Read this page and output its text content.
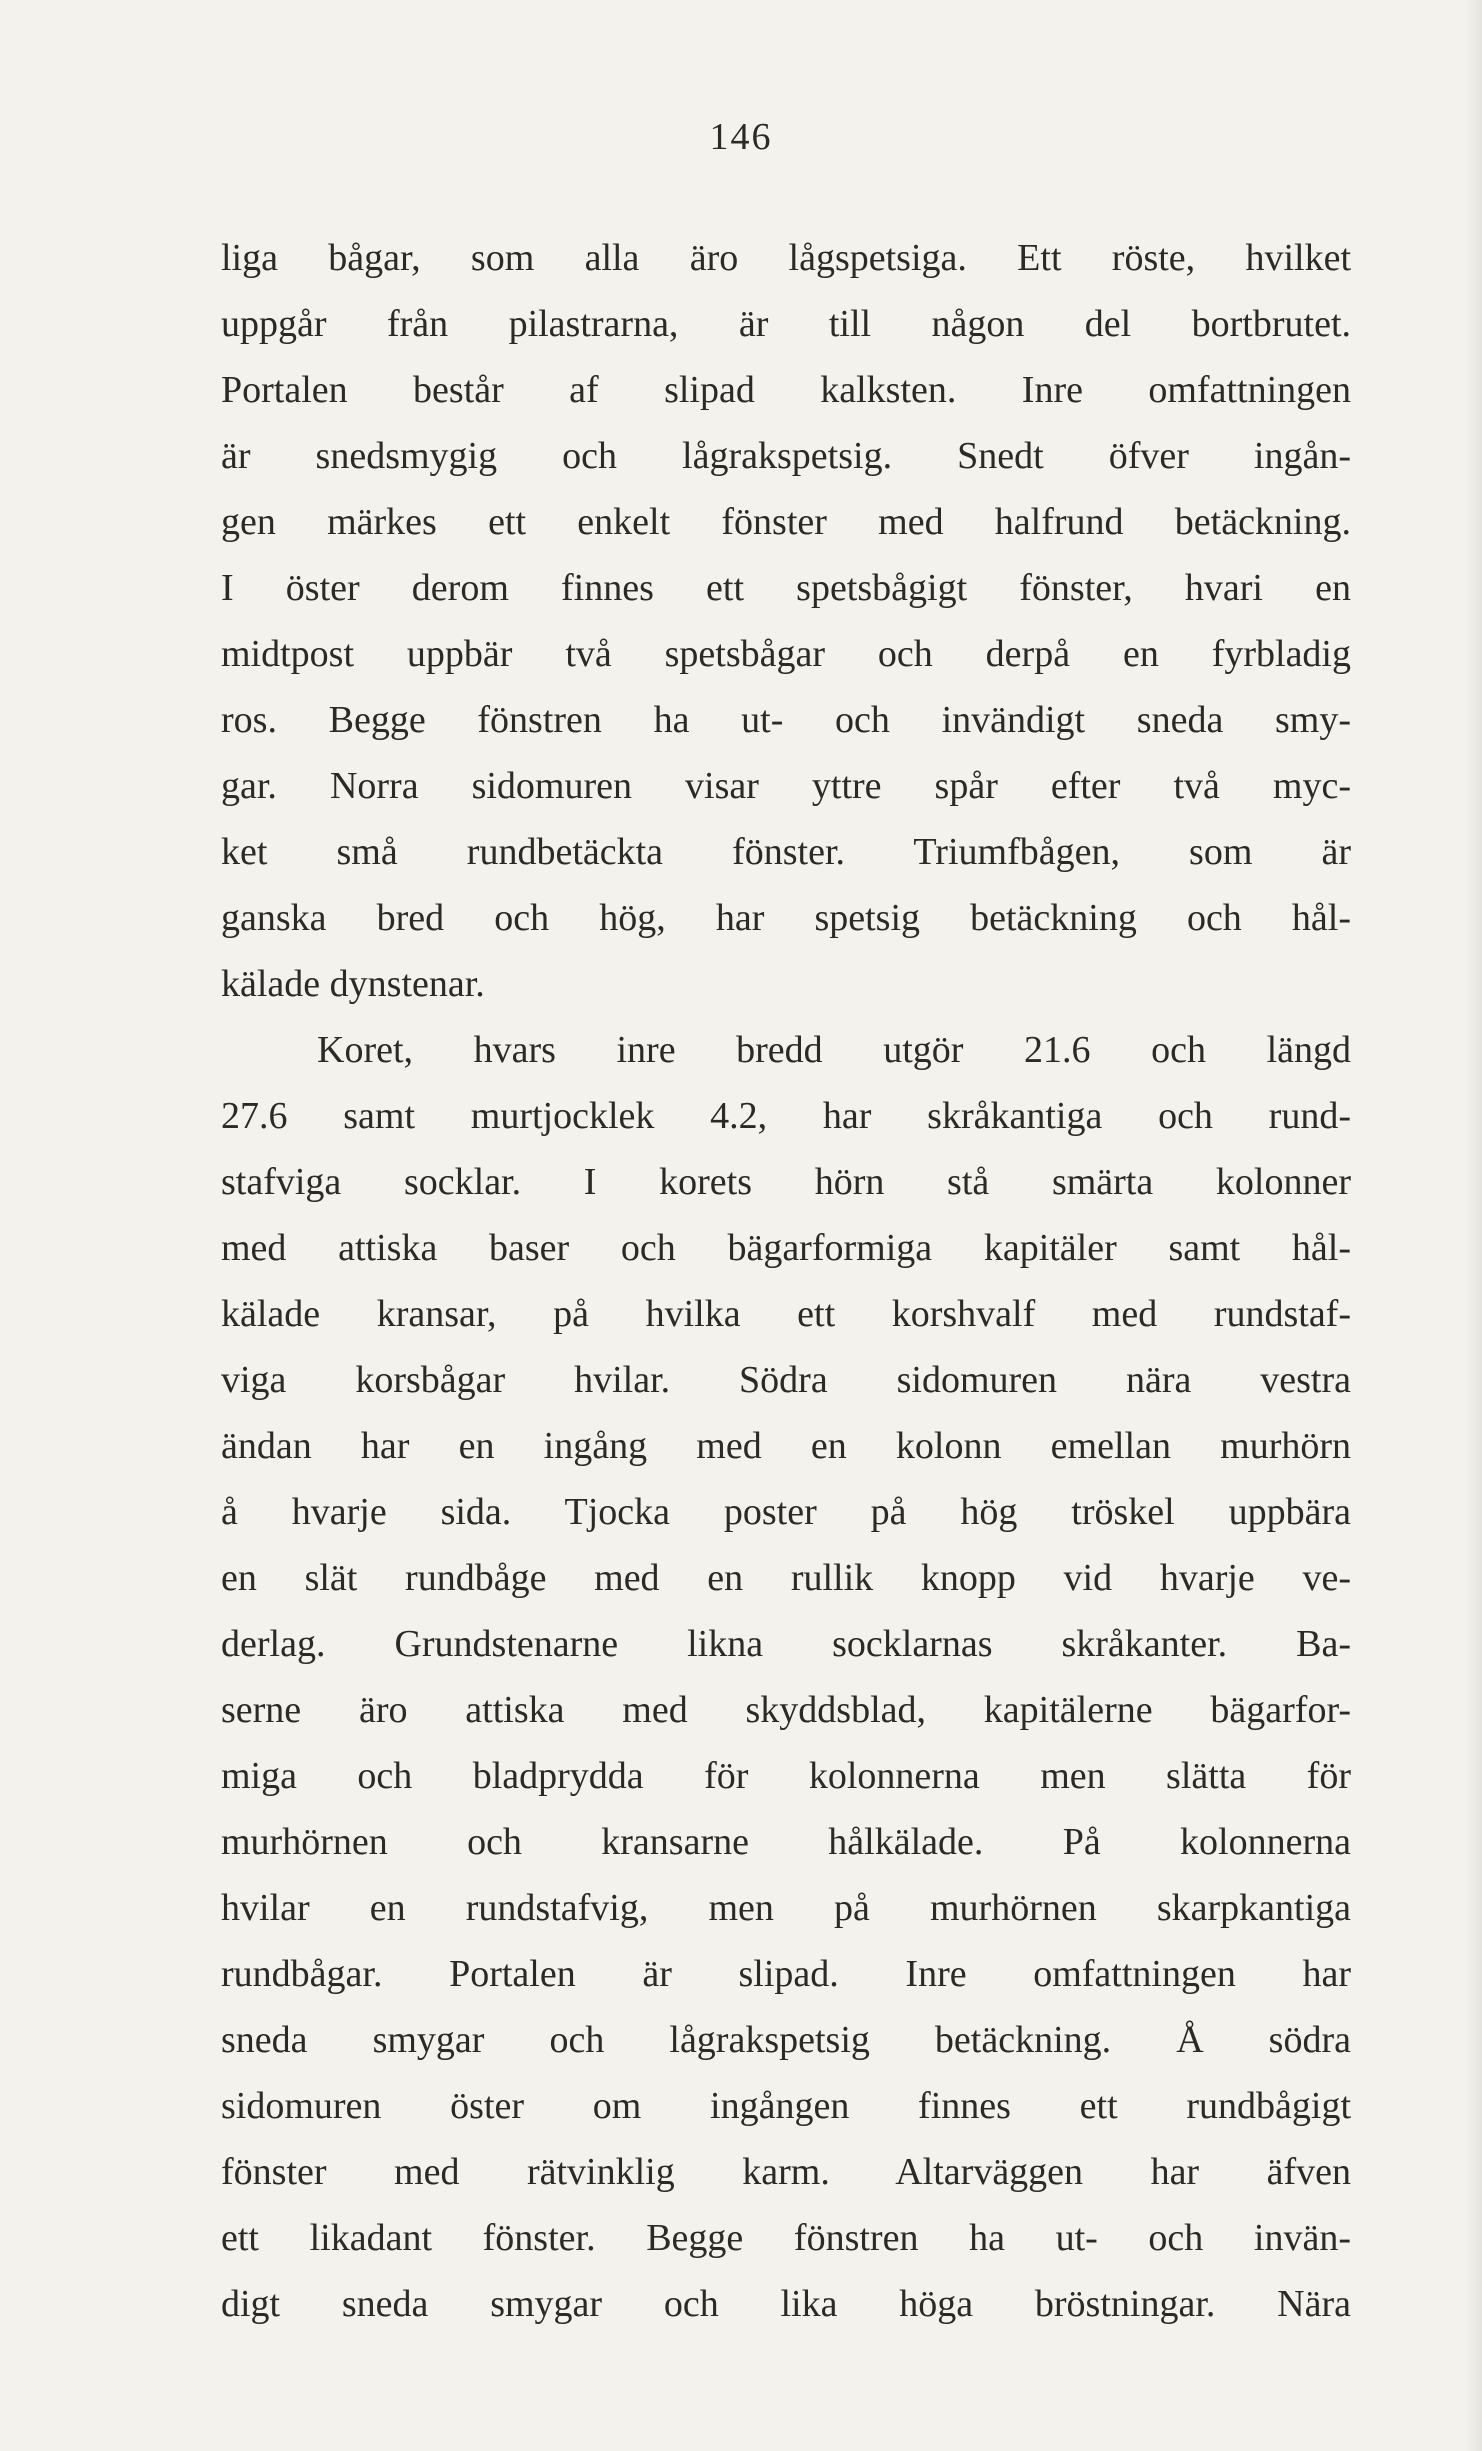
146
liga bågar, som alla äro lågspetsiga. Ett röste, hvilket
uppgår från pilastrarna, är till någon del bortbrutet.
Portalen består af slipad kalksten. Inre omfattningen
är snedsmygig och lågrakspetsig. Snedt öfver ingån-
gen märkes ett enkelt fönster med halfrund betäckning.
I öster derom finnes ett spetsbågigt fönster, hvari en
midtpost uppbär två spetsbågar och derpå en fyrbladig
ros. Begge fönstren ha ut- och invändigt sneda smy-
gar. Norra sidomuren visar yttre spår efter två myc-
ket små rundbetäckta fönster. Triumfbågen, som är
ganska bred och hög, har spetsig betäckning och hål-
kälade dynstenar.
Koret, hvars inre bredd utgör 21.6 och längd
27.6 samt murtjocklek 4.2, har skråkantiga och rund-
stafviga socklar. I korets hörn stå smärta kolonner
med attiska baser och bägarformiga kapitäler samt hål-
kälade kransar, på hvilka ett korshvalf med rundstaf-
viga korsbågar hvilar. Södra sidomuren nära vestra
ändan har en ingång med en kolonn emellan murhörn
å hvarje sida. Tjocka poster på hög tröskel uppbära
en slät rundbåge med en rullik knopp vid hvarje ve-
derlag. Grundstenarne likna socklarnas skråkanter. Ba-
serne äro attiska med skyddsblad, kapitälerne bägarfor-
miga och bladprydda för kolonnerna men slätta för
murhörnen och kransarne hålkälade. På kolonnerna
hvilar en rundstafvig, men på murhörnen skarpkantiga
rundbågar. Portalen är slipad. Inre omfattningen har
sneda smygar och lågrakspetsig betäckning. Å södra
sidomuren öster om ingången finnes ett rundbågigt
fönster med rätvinklig karm. Altarväggen har äfven
ett likadant fönster. Begge fönstren ha ut- och invän-
digt sneda smygar och lika höga bröstningar. Nära
